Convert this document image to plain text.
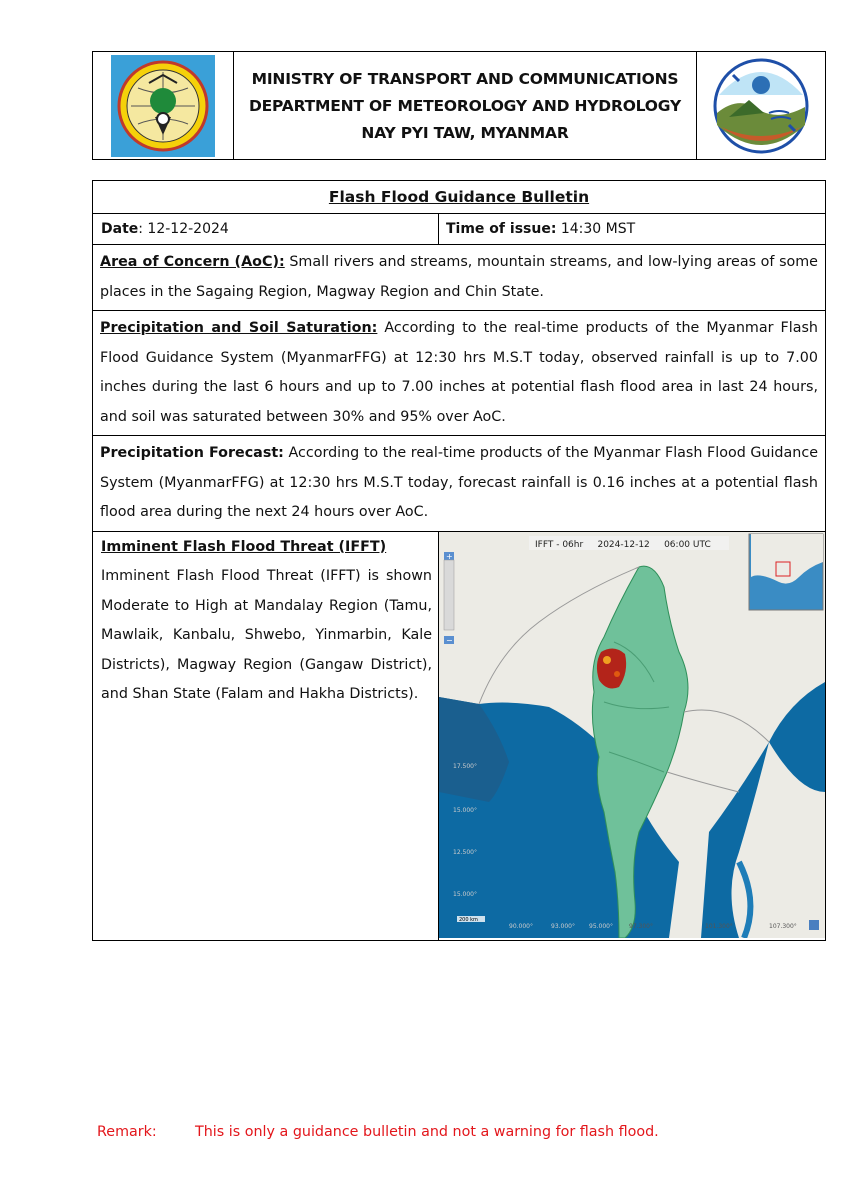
MINISTRY OF TRANSPORT AND COMMUNICATIONS
DEPARTMENT OF METEOROLOGY AND HYDROLOGY
NAY PYI TAW, MYANMAR
Flash Flood Guidance Bulletin
Date: 12-12-2024	Time of issue: 14:30 MST
Area of Concern (AoC): Small rivers and streams, mountain streams, and low-lying areas of some places in the Sagaing Region, Magway Region and Chin State.
Precipitation and Soil Saturation: According to the real-time products of the Myanmar Flash Flood Guidance System (MyanmarFFG) at 12:30 hrs M.S.T today, observed rainfall is up to 7.00 inches during the last 6 hours and up to 7.00 inches at potential flash flood area in last 24 hours, and soil was saturated between 30% and 95% over AoC.
Precipitation Forecast: According to the real-time products of the Myanmar Flash Flood Guidance System (MyanmarFFG) at 12:30 hrs M.S.T today, forecast rainfall is 0.16 inches at a potential flash flood area during the next 24 hours over AoC.
Imminent Flash Flood Threat (IFFT)
Imminent Flash Flood Threat (IFFT) is shown Moderate to High at Mandalay Region (Tamu, Mawlaik, Kanbalu, Shwebo, Yinmarbin, Kale Districts), Magway Region (Gangaw District), and Shan State (Falam and Hakha Districts).
IFFT - 06hr     2024-12-12     06:00 UTC
+
−
17.500°
15.000°
12.500°
15.000°
90.000°	93.000° 95.000°	97.300°	101.300°	107.300°
200 km
Remark:	This is only a guidance bulletin and not a warning for flash flood.
